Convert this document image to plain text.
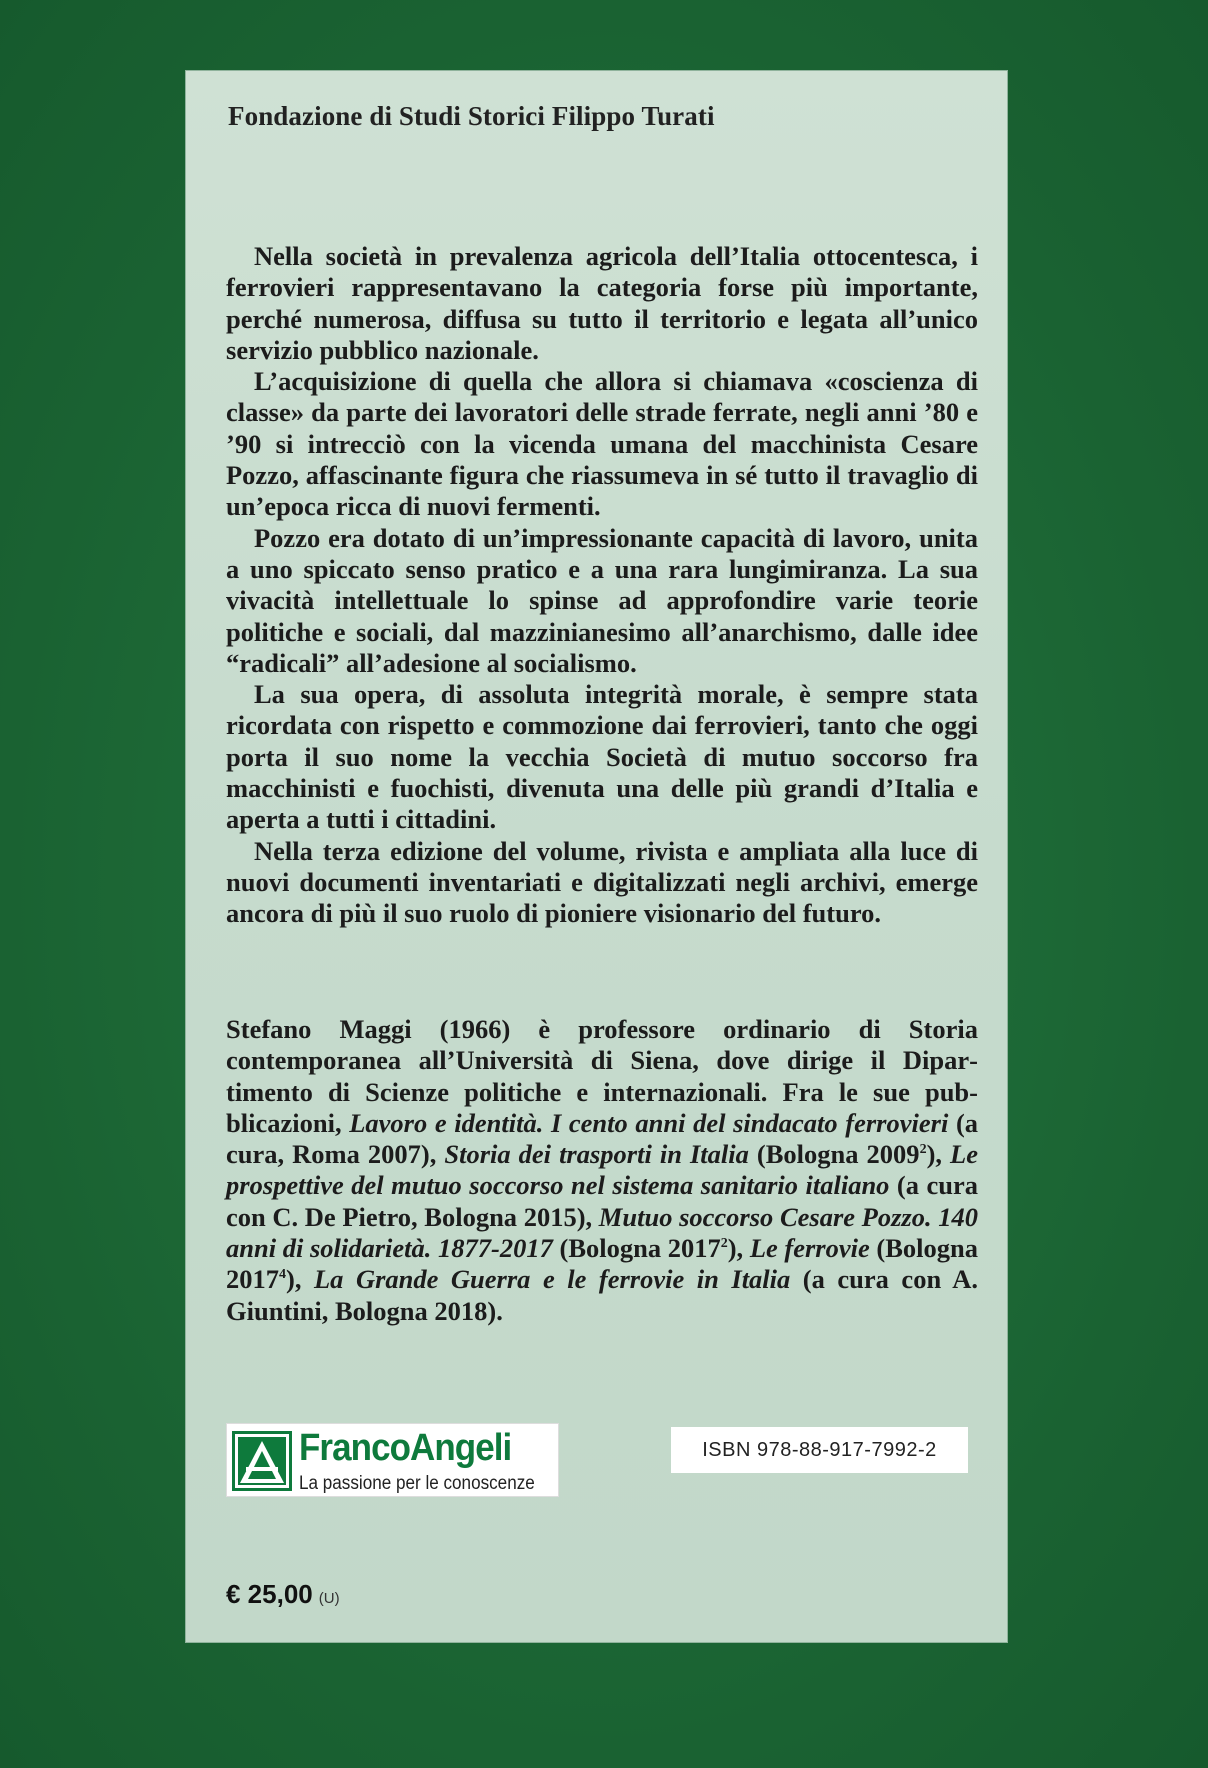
Fondazione di Studi Storici Filippo Turati

Nella società in prevalenza agricola dell’Italia ottocentesca, i ferrovieri rappresentavano la categoria forse più importante, perché numerosa, diffusa su tutto il territorio e legata all’unico servizio pubblico nazionale.

L’acquisizione di quella che allora si chiamava «coscienza di classe» da parte dei lavoratori delle strade ferrate, negli anni ’80 e ’90 si intrecciò con la vicenda umana del macchinista Cesare Pozzo, affascinante figura che riassumeva in sé tutto il travaglio di un’epoca ricca di nuovi fermenti.

Pozzo era dotato di un’impressionante capacità di lavoro, unita a uno spiccato senso pratico e a una rara lungimiranza. La sua vivacità intellettuale lo spinse ad approfondire varie teorie politiche e sociali, dal mazzinianesimo all’anarchismo, dalle idee “radicali” all’adesione al socialismo.

La sua opera, di assoluta integrità morale, è sempre stata ricordata con rispetto e commozione dai ferrovieri, tanto che oggi porta il suo nome la vecchia Società di mutuo soccorso fra macchinisti e fuochisti, divenuta una delle più grandi d’Italia e aperta a tutti i cittadini.

Nella terza edizione del volume, rivista e ampliata alla luce di nuovi documenti inventariati e digitalizzati negli archivi, emerge ancora di più il suo ruolo di pioniere visionario del futuro.

Stefano Maggi (1966) è professore ordinario di Storia contemporanea all’Università di Siena, dove dirige il Dipartimento di Scienze politiche e internazionali. Fra le sue pubblicazioni, Lavoro e identità. I cento anni del sindacato ferrovieri (a cura, Roma 2007), Storia dei trasporti in Italia (Bologna 2009$^2$), Le prospettive del mutuo soccorso nel sistema sanitario italiano (a cura con C. De Pietro, Bologna 2015), Mutuo soccorso Cesare Pozzo. 140 anni di solidarietà. 1877-2017 (Bologna 2017$^2$), Le ferrovie (Bologna 2017$^4$), La Grande Guerra e le ferrovie in Italia (a cura con A. Giuntini, Bologna 2018).

FrancoAngeli
La passione per le conoscenze
ISBN 978-88-917-7992-2
€ 25,00 (U)
